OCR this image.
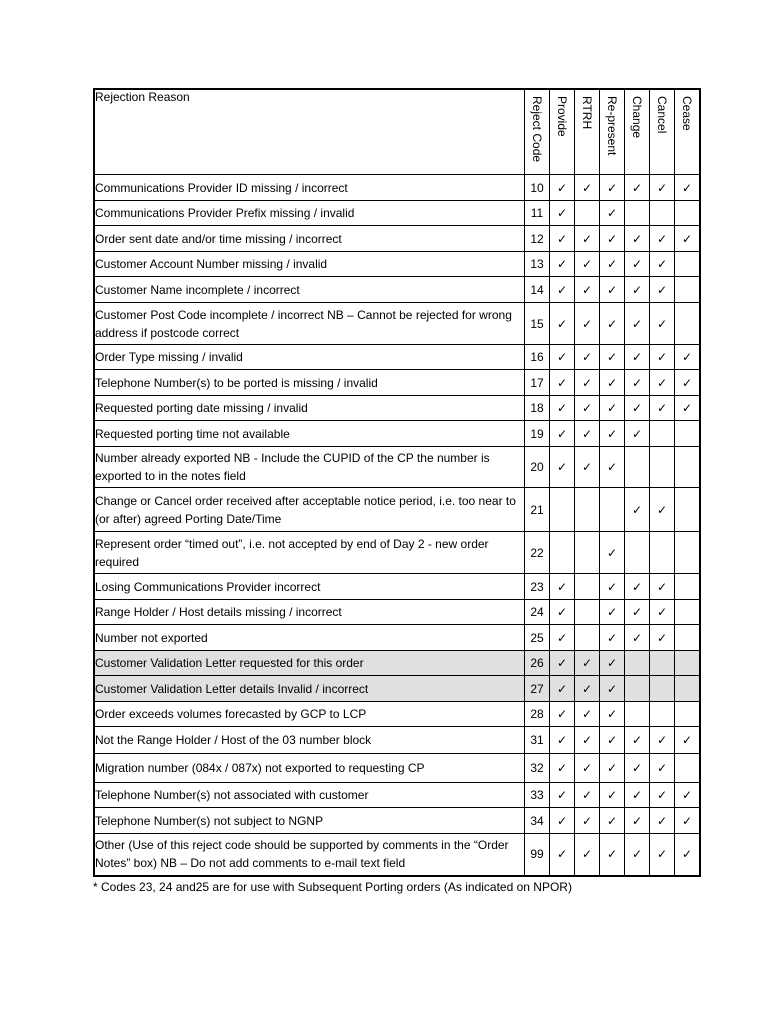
Rejection Reason	Reject Code	Provide	RTRH	Re-present	Change	Cancel	Cease
Communications Provider ID missing / incorrect	10	✓	✓	✓	✓	✓	✓
Communications Provider Prefix missing / invalid	11	✓		✓			
Order sent date and/or time missing / incorrect	12	✓	✓	✓	✓	✓	✓
Customer Account Number missing / invalid	13	✓	✓	✓	✓	✓	
Customer Name incomplete / incorrect	14	✓	✓	✓	✓	✓	
Customer Post Code incomplete / incorrect NB – Cannot be rejected for wrong address if postcode correct	15	✓	✓	✓	✓	✓	
Order Type missing / invalid	16	✓	✓	✓	✓	✓	✓
Telephone Number(s) to be ported is missing / invalid	17	✓	✓	✓	✓	✓	✓
Requested porting date missing / invalid	18	✓	✓	✓	✓	✓	✓
Requested porting time not available	19	✓	✓	✓	✓		
Number already exported NB - Include the CUPID of the CP the number is exported to in the notes field	20	✓	✓	✓			
Change or Cancel order received after acceptable notice period, i.e. too near to (or after) agreed Porting Date/Time	21				✓	✓	
Represent order “timed out”, i.e. not accepted by end of Day 2 - new order required	22			✓			
Losing Communications Provider incorrect	23	✓		✓	✓	✓	
Range Holder / Host details missing / incorrect	24	✓		✓	✓	✓	
Number not exported	25	✓		✓	✓	✓	
Customer Validation Letter requested for this order	26	✓	✓	✓			
Customer Validation Letter details Invalid / incorrect	27	✓	✓	✓			
Order exceeds volumes forecasted by GCP to LCP	28	✓	✓	✓			
Not the Range Holder / Host of the 03 number block	31	✓	✓	✓	✓	✓	✓
Migration number (084x / 087x) not exported to requesting CP	32	✓	✓	✓	✓	✓	
Telephone Number(s) not associated with customer	33	✓	✓	✓	✓	✓	✓
Telephone Number(s) not subject to NGNP	34	✓	✓	✓	✓	✓	✓
Other (Use of this reject code should be supported by comments in the “Order Notes” box) NB – Do not add comments to e-mail text field	99	✓	✓	✓	✓	✓	✓
* Codes 23, 24 and25 are for use with Subsequent Porting orders (As indicated on NPOR)
